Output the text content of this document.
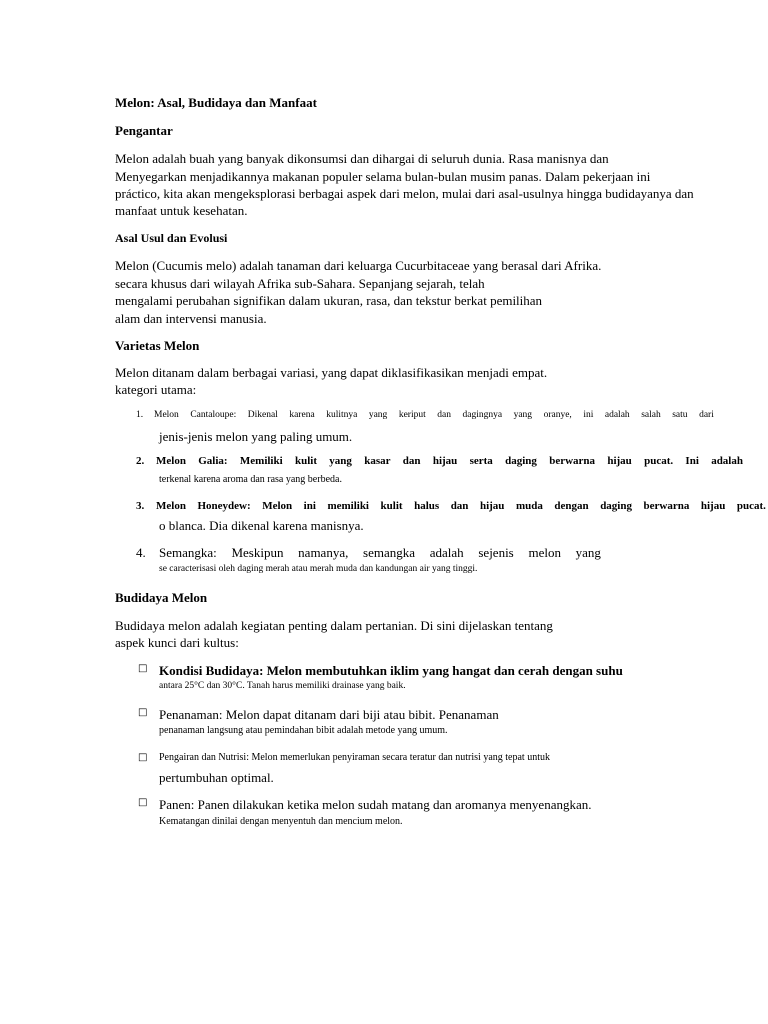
Melon: Asal, Budidaya dan Manfaat
Pengantar
Melon adalah buah yang banyak dikonsumsi dan dihargai di seluruh dunia. Rasa manisnya dan
Menyegarkan menjadikannya makanan populer selama bulan-bulan musim panas. Dalam pekerjaan ini
práctico, kita akan mengeksplorasi berbagai aspek dari melon, mulai dari asal-usulnya hingga budidayanya dan
manfaat untuk kesehatan.
Asal Usul dan Evolusi
Melon (Cucumis melo) adalah tanaman dari keluarga Cucurbitaceae yang berasal dari Afrika.
secara khusus dari wilayah Afrika sub-Sahara. Sepanjang sejarah, telah
mengalami perubahan signifikan dalam ukuran, rasa, dan tekstur berkat pemilihan
alam dan intervensi manusia.
Varietas Melon
Melon ditanam dalam berbagai variasi, yang dapat diklasifikasikan menjadi empat.
kategori utama:
1. Melon Cantaloupe: Dikenal karena kulitnya yang keriput dan dagingnya yang oranye, ini adalah salah satu dari
jenis-jenis melon yang paling umum.
2. Melon Galia: Memiliki kulit yang kasar dan hijau serta daging berwarna hijau pucat. Ini adalah
terkenal karena aroma dan rasa yang berbeda.
3. Melon Honeydew: Melon ini memiliki kulit halus dan hijau muda dengan daging berwarna hijau pucat.
o blanca. Dia dikenal karena manisnya.
4. Semangka: Meskipun namanya, semangka adalah sejenis melon yang
se caracterisasi oleh daging merah atau merah muda dan kandungan air yang tinggi.
Budidaya Melon
Budidaya melon adalah kegiatan penting dalam pertanian. Di sini dijelaskan tentang
aspek kunci dari kultus:
□ Kondisi Budidaya: Melon membutuhkan iklim yang hangat dan cerah dengan suhu
antara 25°C dan 30°C. Tanah harus memiliki drainase yang baik.
□ Penanaman: Melon dapat ditanam dari biji atau bibit. Penanaman
penanaman langsung atau pemindahan bibit adalah metode yang umum.
□ Pengairan dan Nutrisi: Melon memerlukan penyiraman secara teratur dan nutrisi yang tepat untuk
pertumbuhan optimal.
□ Panen: Panen dilakukan ketika melon sudah matang dan aromanya menyenangkan.
Kematangan dinilai dengan menyentuh dan mencium melon.
